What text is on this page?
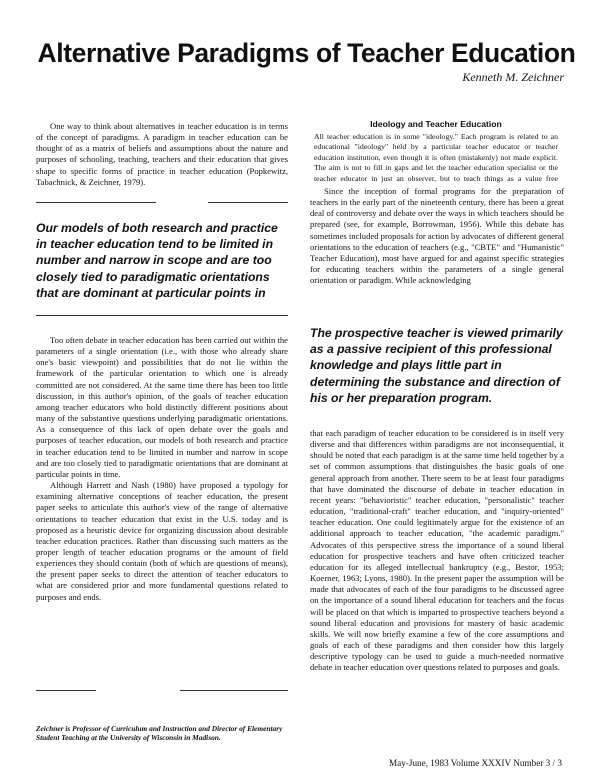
Alternative Paradigms of Teacher Education
Kenneth M. Zeichner

One way to think about alternatives in teacher education is in terms of the concept of paradigms. A paradigm in teacher education can be thought of as a matrix of beliefs and assumptions about the nature and purposes of schooling, teaching, teachers and their education that gives shape to specific forms of practice in teacher education (Popkewitz, Tabachnick, & Zeichner, 1979).

Our models of both research and practice in teacher education tend to be limited in number and narrow in scope and are too closely tied to paradigmatic orientations that are dominant at particular points in

Too often debate in teacher education has been carried out within the parameters of a single orientation (i.e., with those who already share one's basic viewpoint) and possibilities that do not lie within the framework of the particular orientation to which one is already committed are not considered. At the same time there has been too little discussion, in this author's opinion, of the goals of teacher education among teacher educators who hold distinctly different positions about many of the substantive questions underlying paradigmatic orientations. As a consequence of this lack of open debate over the goals and purposes of teacher education, our models of both research and practice in teacher education tend to be limited in number and narrow in scope and are too closely tied to paradigmatic orientations that are dominant at particular points in time.

Although Harrett and Nash (1980) have proposed a typology for examining alternative conceptions of teacher education, the present paper seeks to articulate this author's view of the range of alternative orientations to teacher education that exist in the U.S. today and is proposed as a heuristic device for organizing discussion about desirable teacher education practices. Rather than discussing such matters as the proper length of teacher education programs or the amount of field experiences they should contain (both of which are questions of means), the present paper seeks to direct the attention of teacher educators to what are considered prior and more fundamental questions related to purposes and ends.

Zeichner is Professor of Curriculum and Instruction and Director of Elementary Student Teaching at the University of Wisconsin in Madison.
Ideology and Teacher Education
All teacher education is in some "ideology." Each program is related to an educational "ideology" held by a particular teacher educator or teacher education institution, even though it is often (mistakenly) not made explicit. The aim is not to fill in gaps and let the teacher education specialist or the teacher educator in just an observer, but to teach things as a value free

Since the inception of formal programs for the preparation of teachers in the early part of the nineteenth century, there has been a great deal of controversy and debate over the ways in which teachers should be prepared (see, for example, Borrowman, 1956). While this debate has sometimes included proposals for action by advocates of different general orientations to the education of teachers (e.g., "CBTE" and "Humanistic" Teacher Education), most have argued for and against specific strategies for educating teachers within the parameters of a single general orientation or paradigm. While acknowledging

The prospective teacher is viewed primarily as a passive recipient of this professional knowledge and plays little part in determining the substance and direction of his or her preparation program.

that each paradigm of teacher education to be considered is in itself very diverse and that differences within paradigms are not inconsequential, it should be noted that each paradigm is at the same time held together by a set of common assumptions that distinguishes the basic goals of one general approach from another. There seem to be at least four paradigms that have dominated the discourse of debate in teacher education in recent years: "behavioristic" teacher education, "personalistic" teacher education, "traditional-craft" teacher education, and "inquiry-oriented" teacher education. One could legitimately argue for the existence of an additional approach to teacher education, "the academic paradigm." Advocates of this perspective stress the importance of a sound liberal education for prospective teachers and have often criticized teacher education for its alleged intellectual bankruptcy (e.g., Bestor, 1953; Koerner, 1963; Lyons, 1980). In the present paper the assumption will be made that advocates of each of the four paradigms to be discussed agree on the importance of a sound liberal education for teachers and the focus will be placed on that which is imparted to prospective teachers beyond a sound liberal education and provisions for mastery of basic academic skills. We will now briefly examine a few of the core assumptions and goals of each of these paradigms and then consider how this largely descriptive typology can be used to guide a much-needed normative debate in teacher education over questions related to purposes and goals.

May-June, 1983 Volume XXXIV Number 3 / 3
